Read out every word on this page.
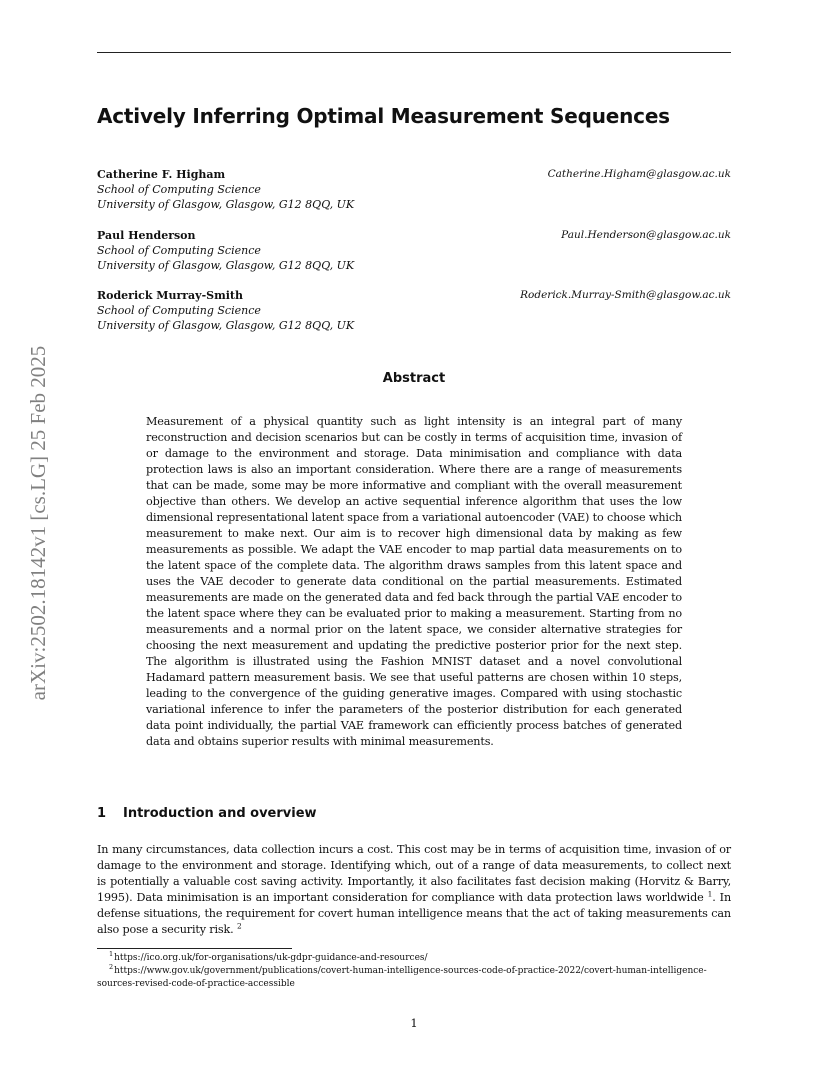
arXiv:2502.18142v1 [cs.LG] 25 Feb 2025
Actively Inferring Optimal Measurement Sequences
Catherine F. Higham
School of Computing Science
University of Glasgow, Glasgow, G12 8QQ, UK
Catherine.Higham@glasgow.ac.uk
Paul Henderson
School of Computing Science
University of Glasgow, Glasgow, G12 8QQ, UK
Paul.Henderson@glasgow.ac.uk
Roderick Murray-Smith
School of Computing Science
University of Glasgow, Glasgow, G12 8QQ, UK
Roderick.Murray-Smith@glasgow.ac.uk
Abstract

Measurement of a physical quantity such as light intensity is an integral part of many reconstruction and decision scenarios but can be costly in terms of acquisition time, invasion of or damage to the environment and storage. Data minimisation and compliance with data protection laws is also an important consideration. Where there are a range of measurements that can be made, some may be more informative and compliant with the overall measurement objective than others. We develop an active sequential inference algorithm that uses the low dimensional representational latent space from a variational autoencoder (VAE) to choose which measurement to make next. Our aim is to recover high dimensional data by making as few measurements as possible. We adapt the VAE encoder to map partial data measurements on to the latent space of the complete data. The algorithm draws samples from this latent space and uses the VAE decoder to generate data conditional on the partial measurements. Estimated measurements are made on the generated data and fed back through the partial VAE encoder to the latent space where they can be evaluated prior to making a measurement. Starting from no measurements and a normal prior on the latent space, we consider alternative strategies for choosing the next measurement and updating the predictive posterior prior for the next step. The algorithm is illustrated using the Fashion MNIST dataset and a novel convolutional Hadamard pattern measurement basis. We see that useful patterns are chosen within 10 steps, leading to the convergence of the guiding generative images. Compared with using stochastic variational inference to infer the parameters of the posterior distribution for each generated data point individually, the partial VAE framework can efficiently process batches of generated data and obtains superior results with minimal measurements.

1 Introduction and overview

In many circumstances, data collection incurs a cost. This cost may be in terms of acquisition time, invasion of or damage to the environment and storage. Identifying which, out of a range of data measurements, to collect next is potentially a valuable cost saving activity. Importantly, it also facilitates fast decision making (Horvitz & Barry, 1995). Data minimisation is an important consideration for compliance with data protection laws worldwide $^1$. In defense situations, the requirement for covert human intelligence means that the act of taking measurements can also pose a security risk. $^2$

$^1$https://ico.org.uk/for-organisations/uk-gdpr-guidance-and-resources/

$^2$https://www.gov.uk/government/publications/covert-human-intelligence-sources-code-of-practice-2022/covert-human-intelligence-sources-revised-code-of-practice-accessible

1
